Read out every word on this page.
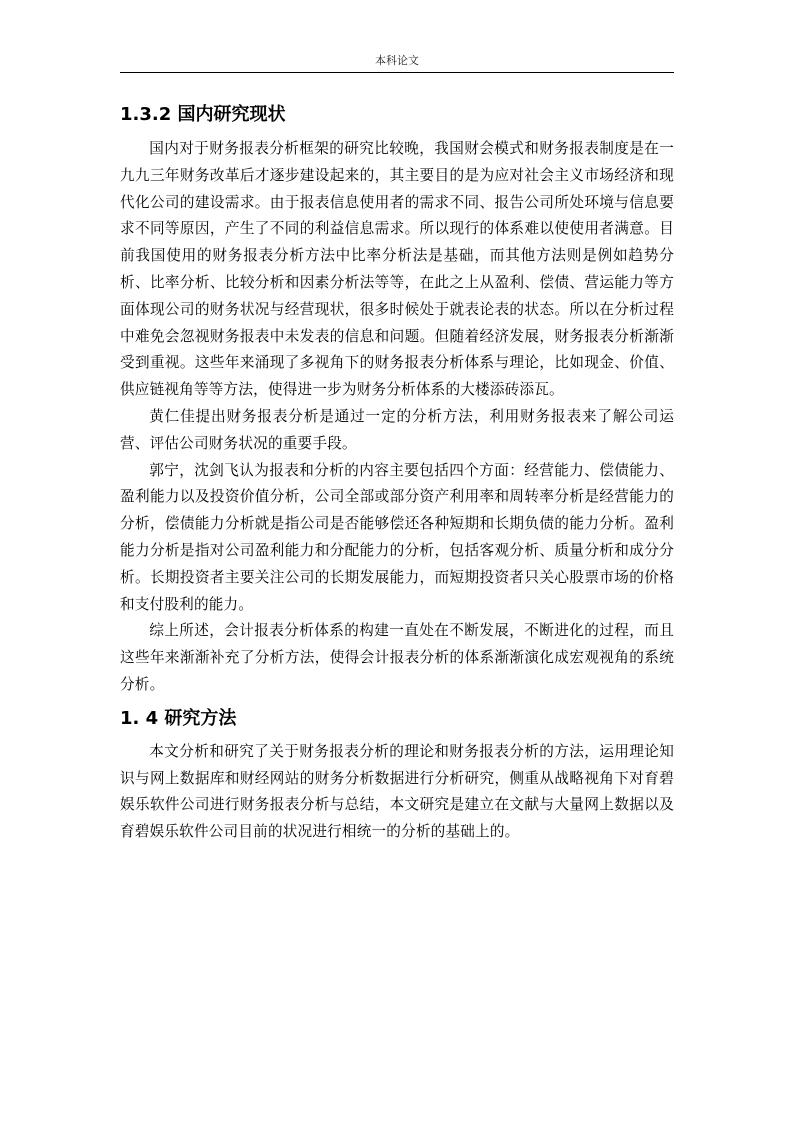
本科论文
1.3.2 国内研究现状

国内对于财务报表分析框架的研究比较晚，我国财会模式和财务报表制度是在一九九三年财务改革后才逐步建设起来的，其主要目的是为应对社会主义市场经济和现代化公司的建设需求。由于报表信息使用者的需求不同、报告公司所处环境与信息要求不同等原因，产生了不同的利益信息需求。所以现行的体系难以使使用者满意。目前我国使用的财务报表分析方法中比率分析法是基础，而其他方法则是例如趋势分析、比率分析、比较分析和因素分析法等等，在此之上从盈利、偿债、营运能力等方面体现公司的财务状况与经营现状，很多时候处于就表论表的状态。所以在分析过程中难免会忽视财务报表中未发表的信息和问题。但随着经济发展，财务报表分析渐渐受到重视。这些年来涌现了多视角下的财务报表分析体系与理论，比如现金、价值、供应链视角等等方法，使得进一步为财务分析体系的大楼添砖添瓦。

黄仁佳提出财务报表分析是通过一定的分析方法，利用财务报表来了解公司运营、评估公司财务状况的重要手段。

郭宁，沈剑飞认为报表和分析的内容主要包括四个方面：经营能力、偿债能力、盈利能力以及投资价值分析，公司全部或部分资产利用率和周转率分析是经营能力的分析，偿债能力分析就是指公司是否能够偿还各种短期和长期负债的能力分析。盈利能力分析是指对公司盈利能力和分配能力的分析，包括客观分析、质量分析和成分分析。长期投资者主要关注公司的长期发展能力，而短期投资者只关心股票市场的价格和支付股利的能力。

综上所述，会计报表分析体系的构建一直处在不断发展，不断进化的过程，而且这些年来渐渐补充了分析方法，使得会计报表分析的体系渐渐演化成宏观视角的系统分析。

1. 4 研究方法

本文分析和研究了关于财务报表分析的理论和财务报表分析的方法，运用理论知识与网上数据库和财经网站的财务分析数据进行分析研究，侧重从战略视角下对育碧娱乐软件公司进行财务报表分析与总结，本文研究是建立在文献与大量网上数据以及育碧娱乐软件公司目前的状况进行相统一的分析的基础上的。
